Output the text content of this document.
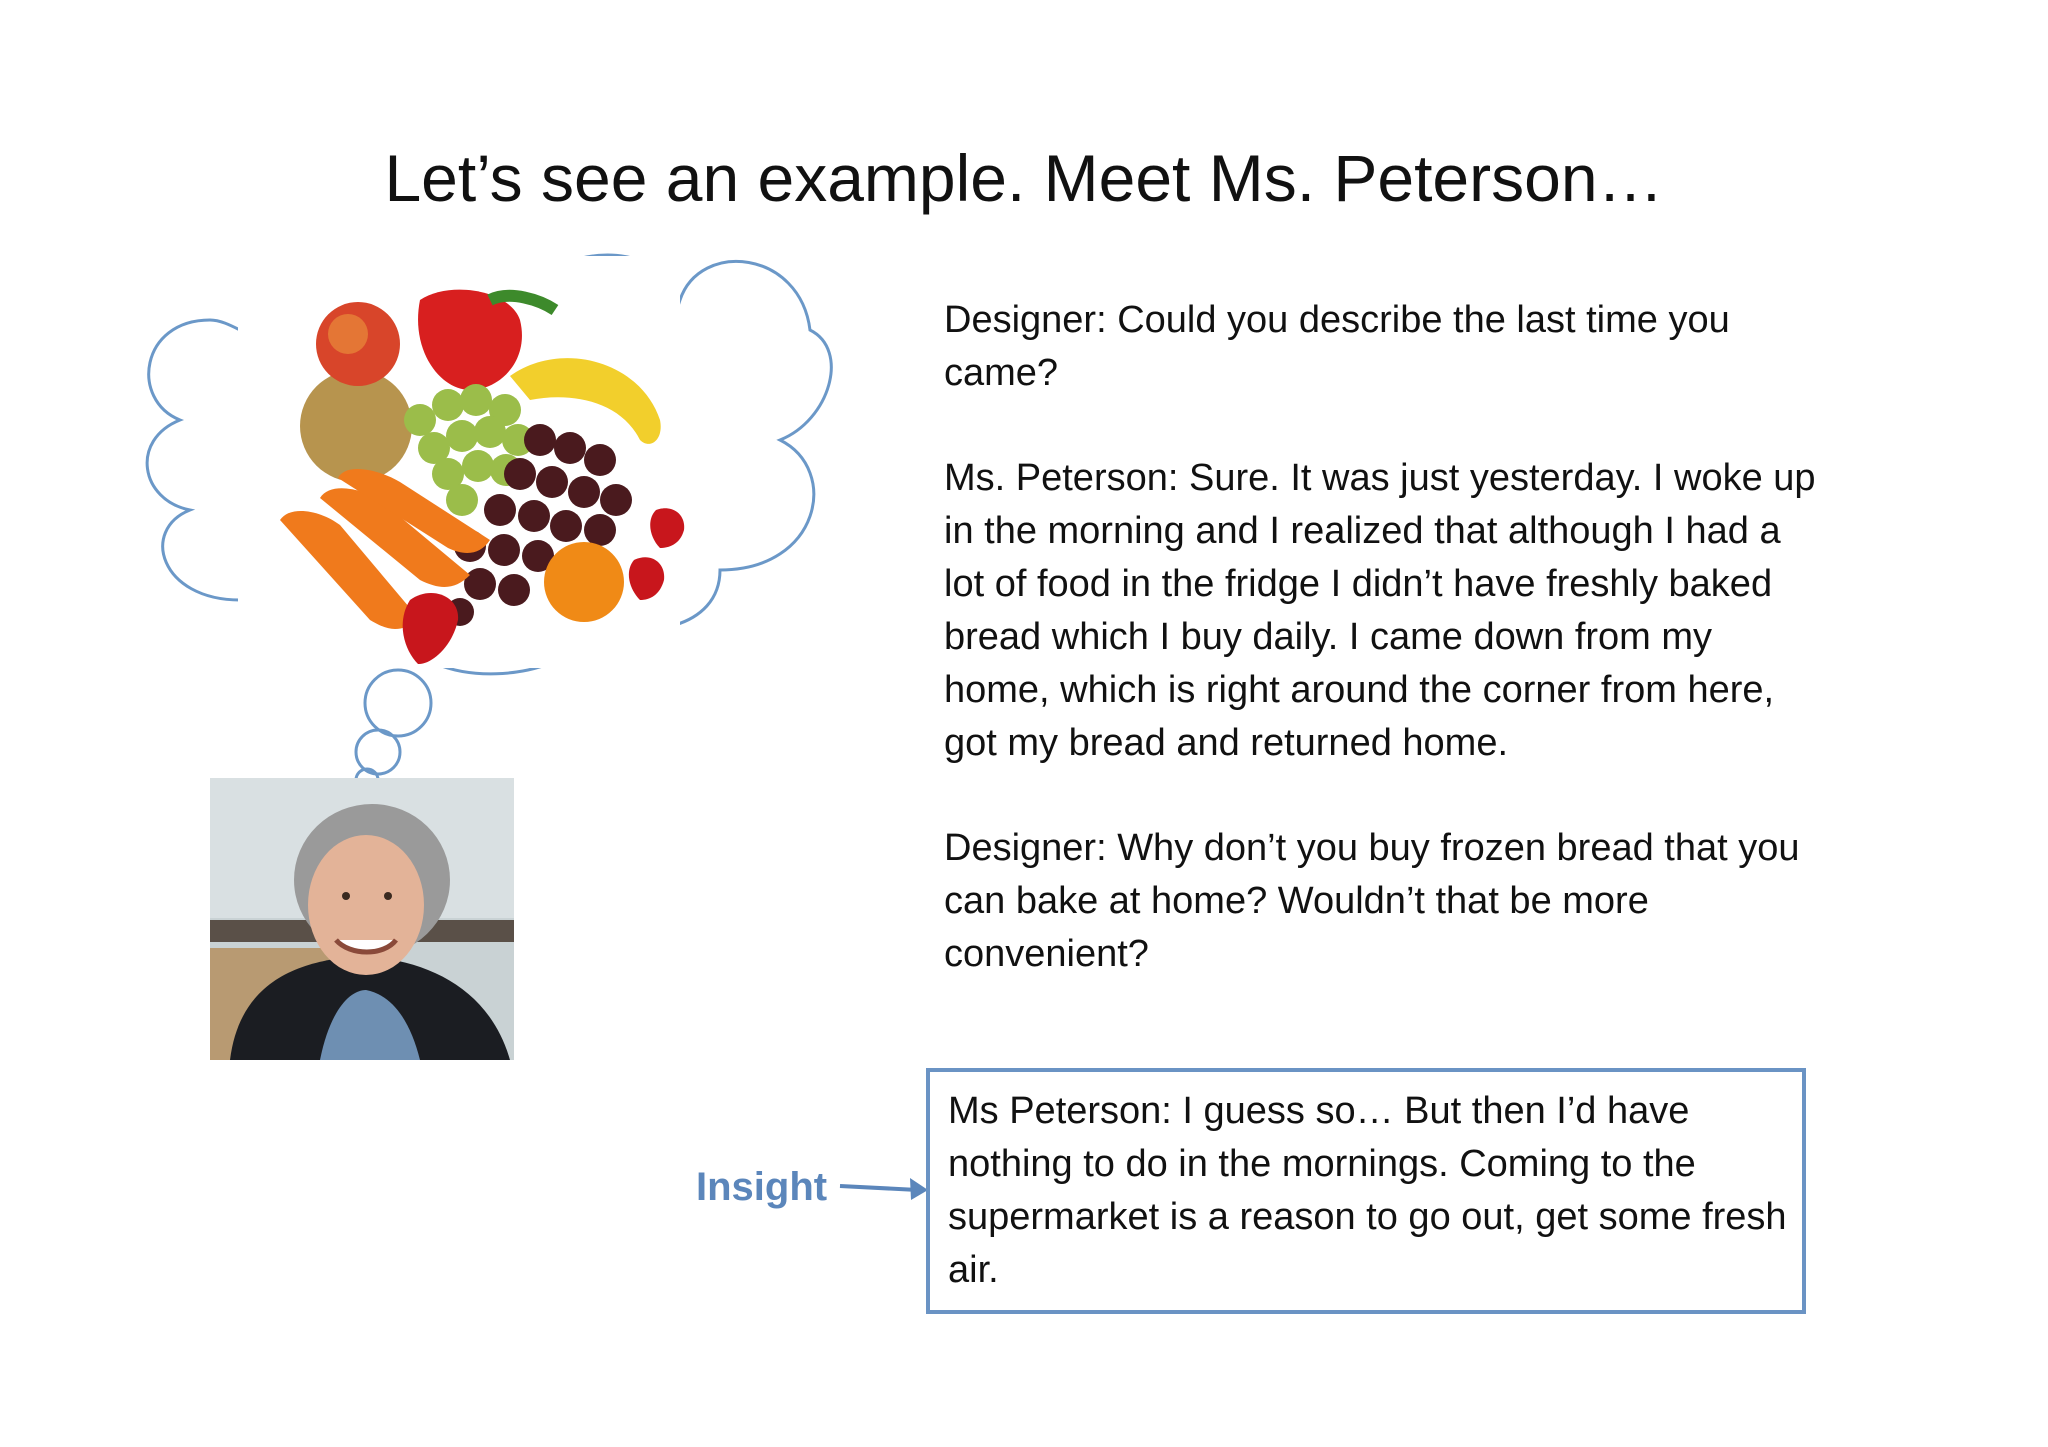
Let’s see an example. Meet Ms. Peterson…

Designer: Could you describe the last time you came?

Ms. Peterson: Sure. It was just yesterday. I woke up in the morning and I realized that although I had a lot of food in the fridge I didn’t have freshly baked bread which I buy daily. I came down from my home, which is right around the corner from here, got my bread and returned home.

Designer: Why don’t you buy frozen bread that you can bake at home? Wouldn’t that be more convenient?

Insight
Ms Peterson: I guess so… But then I’d have nothing to do in the mornings. Coming to the supermarket is a reason to go out, get some fresh air.
